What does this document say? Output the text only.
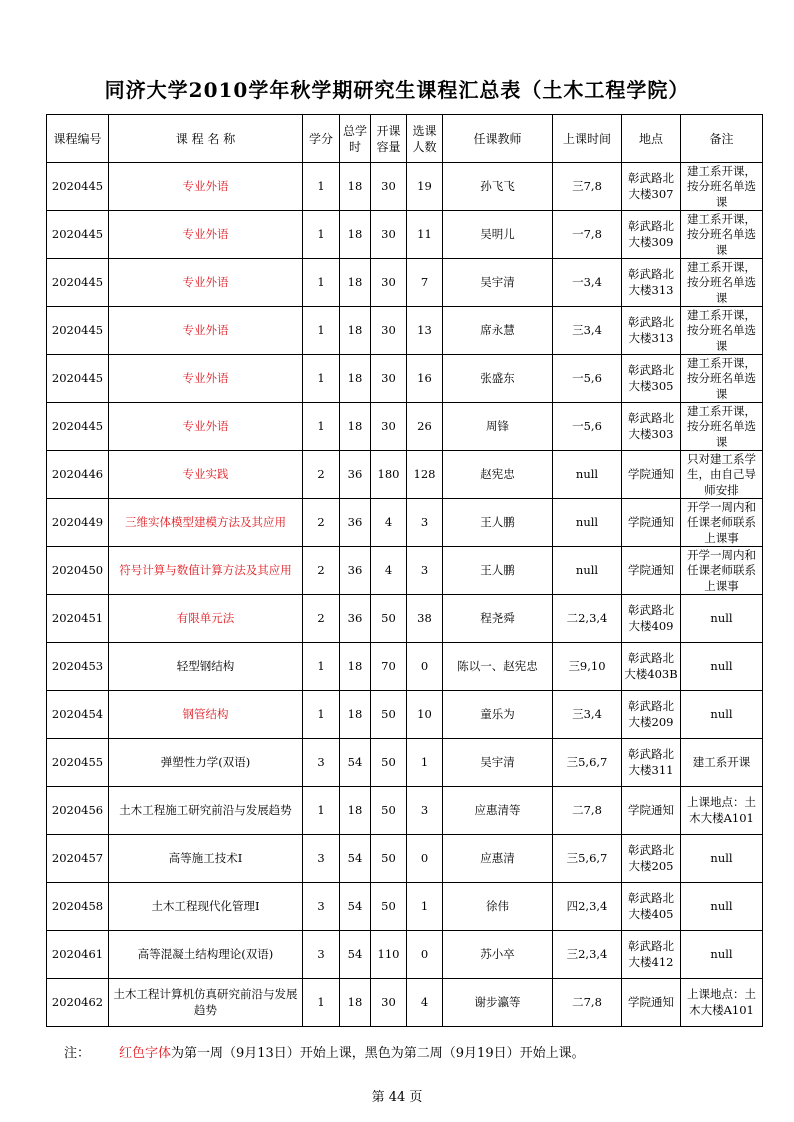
同济大学2010学年秋学期研究生课程汇总表（土木工程学院）
课程编号	课 程 名 称	学分	总学时	开课容量	选课人数	任课教师	上课时间	地点	备注

2020445	专业外语	1	18	30	19	孙飞飞	三7,8	彰武路北大楼307	建工系开课，按分班名单选课

2020445	专业外语	1	18	30	11	吴明儿	一7,8	彰武路北大楼309	建工系开课，按分班名单选课

2020445	专业外语	1	18	30	7	吴宇清	一3,4	彰武路北大楼313	建工系开课，按分班名单选课

2020445	专业外语	1	18	30	13	席永慧	三3,4	彰武路北大楼313	建工系开课，按分班名单选课

2020445	专业外语	1	18	30	16	张盛东	一5,6	彰武路北大楼305	建工系开课，按分班名单选课

2020445	专业外语	1	18	30	26	周锋	一5,6	彰武路北大楼303	建工系开课，按分班名单选课

2020446	专业实践	2	36	180	128	赵宪忠	null	学院通知	只对建工系学生，由自己导师安排

2020449	三维实体模型建模方法及其应用	2	36	4	3	王人鹏	null	学院通知	开学一周内和任课老师联系上课事

2020450	符号计算与数值计算方法及其应用	2	36	4	3	王人鹏	null	学院通知	开学一周内和任课老师联系上课事

2020451	有限单元法	2	36	50	38	程尧舜	二2,3,4	彰武路北大楼409	null

2020453	轻型钢结构	1	18	70	0	陈以一、赵宪忠	三9,10	彰武路北大楼403B	null

2020454	钢管结构	1	18	50	10	童乐为	三3,4	彰武路北大楼209	null

2020455	弹塑性力学(双语)	3	54	50	1	吴宇清	三5,6,7	彰武路北大楼311	建工系开课

2020456	土木工程施工研究前沿与发展趋势	1	18	50	3	应惠清等	二7,8	学院通知	上课地点：土木大楼A101

2020457	高等施工技术Ⅰ	3	54	50	0	应惠清	三5,6,7	彰武路北大楼205	null

2020458	土木工程现代化管理Ⅰ	3	54	50	1	徐伟	四2,3,4	彰武路北大楼405	null

2020461	高等混凝土结构理论(双语)	3	54	110	0	苏小卒	三2,3,4	彰武路北大楼412	null

2020462	土木工程计算机仿真研究前沿与发展趋势	1	18	30	4	谢步瀛等	二7,8	学院通知	上课地点：土木大楼A101
注： 红色字体为第一周（9月13日）开始上课，黑色为第二周（9月19日）开始上课。
第 44 页
